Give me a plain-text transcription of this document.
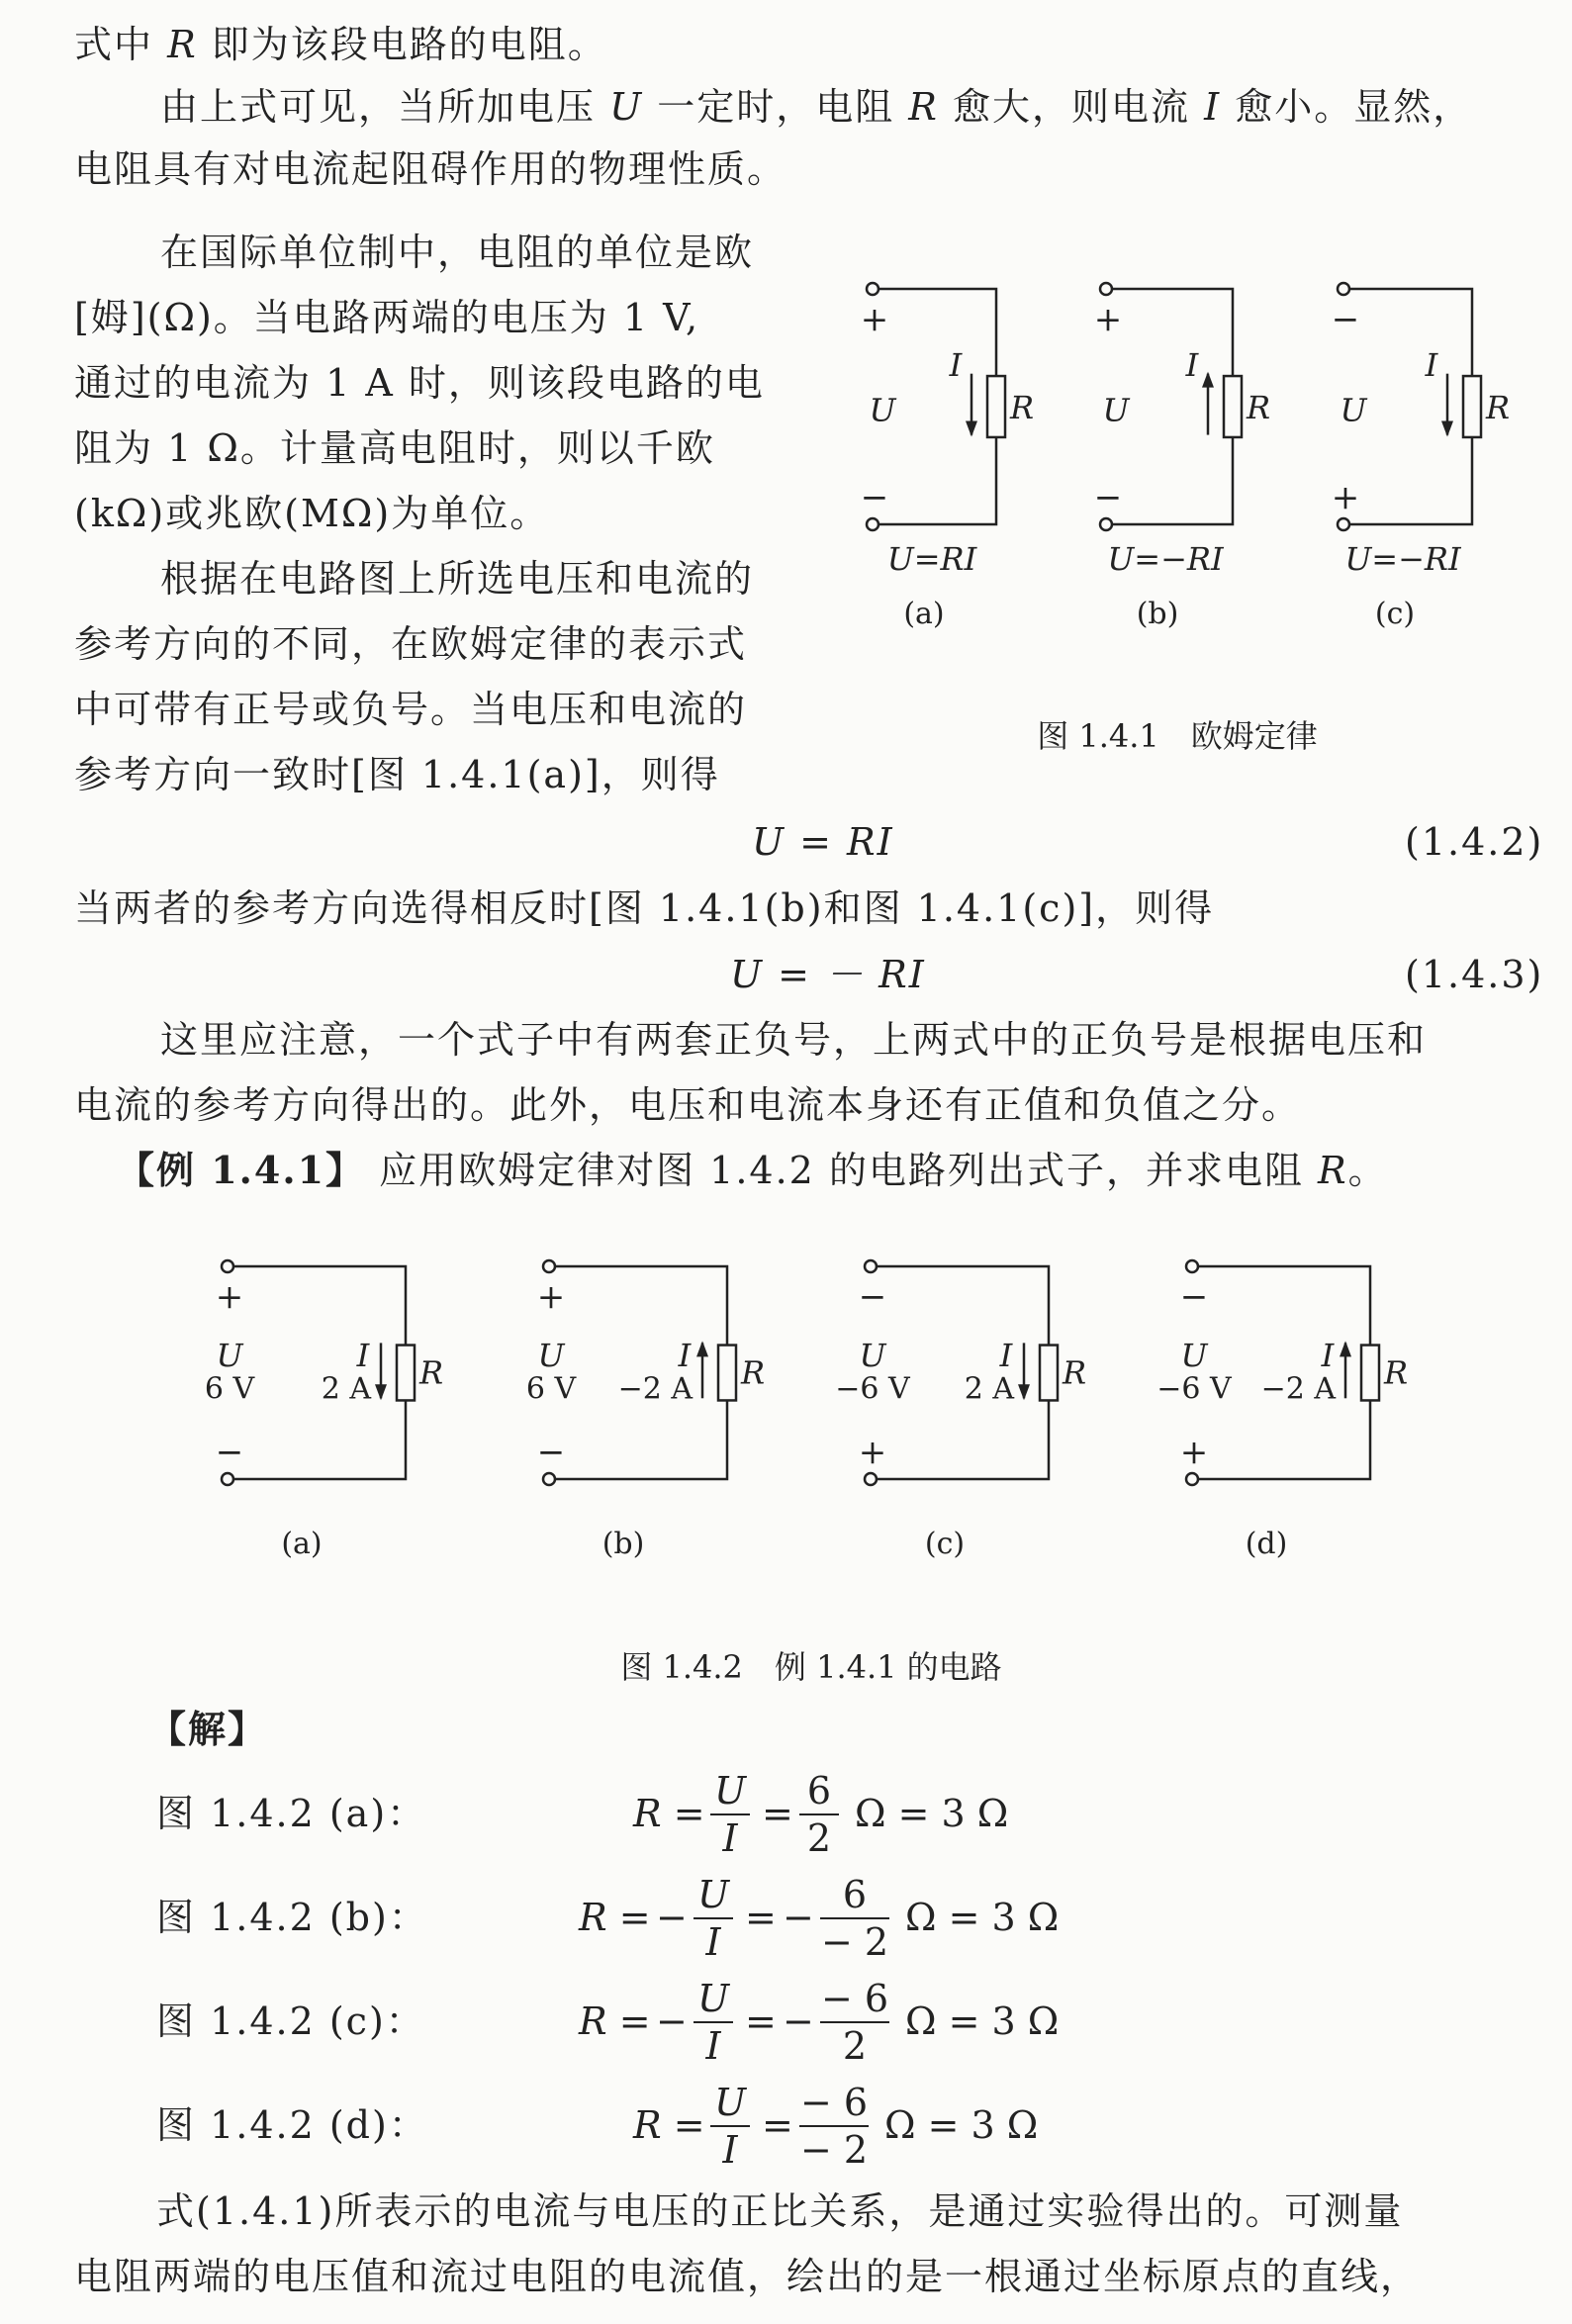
式中 R 即为该段电路的电阻。
由上式可见，当所加电压 U 一定时，电阻 R 愈大，则电流 I 愈小。显然，
电阻具有对电流起阻碍作用的物理性质。
在国际单位制中，电阻的单位是欧
[姆](Ω)。当电路两端的电压为 1 V,
通过的电流为 1 A 时，则该段电路的电
阻为 1 Ω。计量高电阻时，则以千欧
(kΩ)或兆欧(MΩ)为单位。
根据在电路图上所选电压和电流的
参考方向的不同，在欧姆定律的表示式
中可带有正号或负号。当电压和电流的
参考方向一致时[图 1.4.1(a)]，则得
U = RI	(1.4.2)
当两者的参考方向选得相反时[图 1.4.1(b)和图 1.4.1(c)]，则得
U = － RI	(1.4.3)
这里应注意，一个式子中有两套正负号，上两式中的正负号是根据电压和
电流的参考方向得出的。此外，电压和电流本身还有正值和负值之分。
【例 1.4.1】 应用欧姆定律对图 1.4.2 的电路列出式子，并求电阻 R。
【解】
图 1.4.2 (a)：	$R = \frac{U}{I} = \frac{6}{2}$ Ω = 3 Ω
图 1.4.2 (b)：	R = − $\frac{U}{I}$ = − $\frac{6}{- 2}$ Ω = 3 Ω
图 1.4.2 (c)：	R = − $\frac{U}{I}$ = − $\frac{- 6}{2}$ Ω = 3 Ω
图 1.4.2 (d)：	$R = \frac{U}{I} = \frac{- 6}{- 2}$ Ω = 3 Ω
式(1.4.1)所表示的电流与电压的正比关系，是通过实验得出的。可测量
电阻两端的电压值和流过电阻的电流值，绘出的是一根通过坐标原点的直线，
R
+
−
U
I
U=RI
(a)
R
+
−
U
I
U=−RI
(b)
R
−
+
U
I
U=−RI
(c)
图 1.4.1　欧姆定律
R
+
−
U
6 V
I
2 A
(a)
R
+
−
U
6 V
I
−2 A
(b)
R
−
+
U
−6 V
I
2 A
(c)
R
−
+
U
−6 V
I
−2 A
(d)
图 1.4.2　例 1.4.1 的电路
